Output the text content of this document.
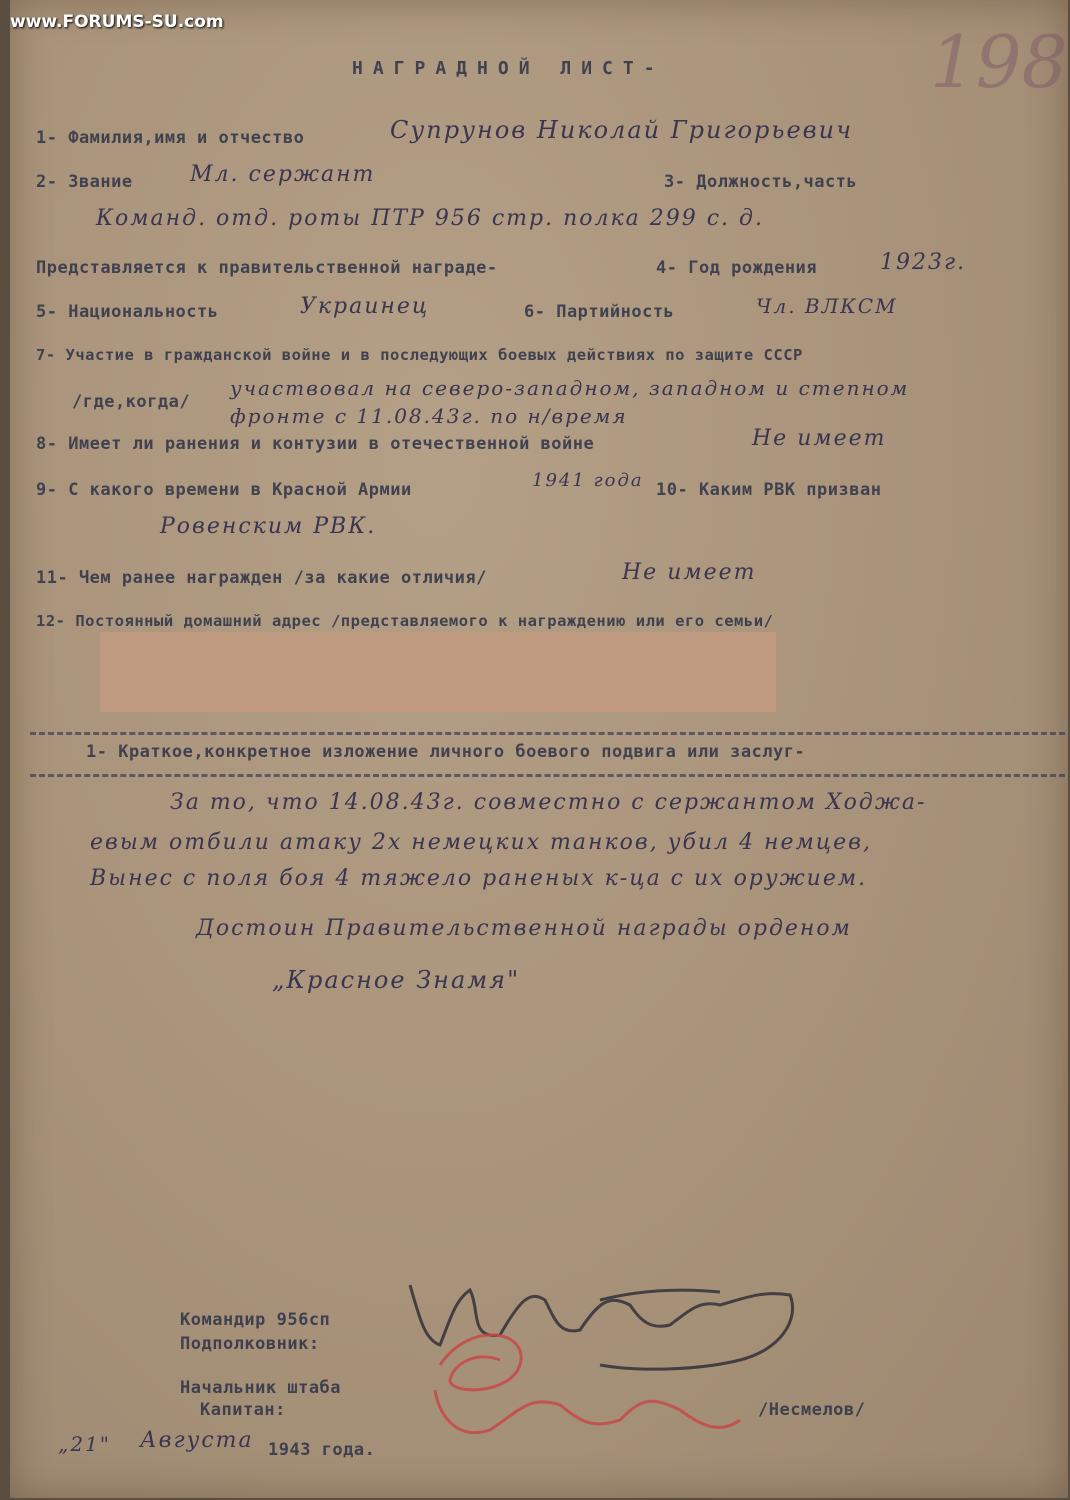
www.FORUMS-SU.com	198
НАГРАДНОЙ ЛИСТ-
1- Фамилия,имя и отчество	Супрунов Николай Григорьевич
2- Звание	Мл. сержант	3- Должность,часть
Команд. отд. роты ПТР 956 стр. полка 299 с. д.
Представляется к правительственной награде-	4- Год рождения	1923г.
5- Национальность	Украинец	6- Партийность	Чл. ВЛКСМ
7- Участие в гражданской войне и в последующих боевых действиях по защите СССР
/где,когда/
участвовал на северо-западном, западном и степном
фронте с 11.08.43г. по н/время
8- Имеет ли ранения и контузии в отечественной войне	Не имеет
9- С какого времени в Красной Армии	1941 года 10- Каким РВК призван
Ровенским РВК.
11- Чем ранее награжден /за какие отличия/	Не имеет
12- Постоянный домашний адрес /представляемого к награждению или его семьи/
1- Краткое,конкретное изложение личного боевого подвига или заслуг-
За то, что 14.08.43г. совместно с сержантом Ходжа-
евым отбили атаку 2х немецких танков, убил 4 немцев,
Вынес с поля боя 4 тяжело раненых к-ца с их оружием.
Достоин Правительственной награды орденом
„Красное Знамя"
Командир 956сп
Подполковник:
Начальник штаба
Капитан:	/Несмелов/
„21" Августа 1943 года.
